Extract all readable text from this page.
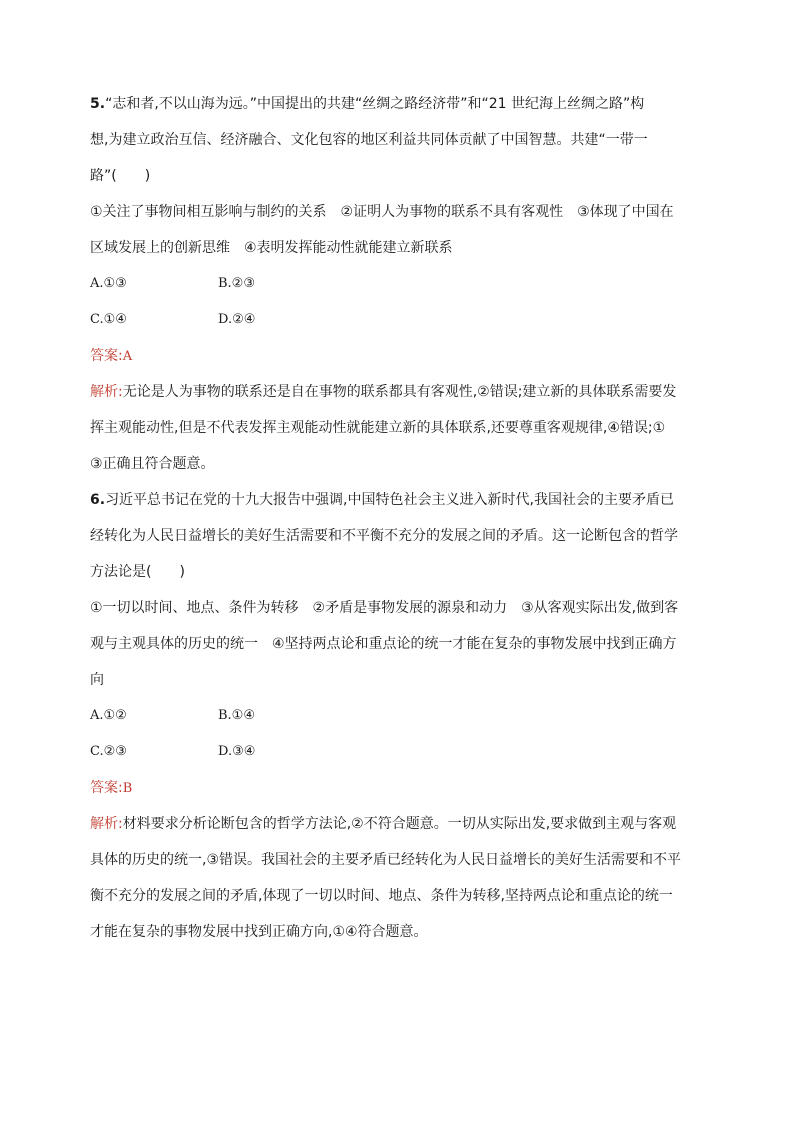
5.“志和者,不以山海为远。”中国提出的共建“丝绸之路经济带”和“21 世纪海上丝绸之路”构
想,为建立政治互信、经济融合、文化包容的地区利益共同体贡献了中国智慧。共建“一带一
路”(　　)
①关注了事物间相互影响与制约的关系　②证明人为事物的联系不具有客观性　③体现了中国在
区域发展上的创新思维　④表明发挥能动性就能建立新联系
A.①③	B.②③
C.①④	D.②④
答案:A
解析:无论是人为事物的联系还是自在事物的联系都具有客观性,②错误;建立新的具体联系需要发
挥主观能动性,但是不代表发挥主观能动性就能建立新的具体联系,还要尊重客观规律,④错误;①
③正确且符合题意。
6.习近平总书记在党的十九大报告中强调,中国特色社会主义进入新时代,我国社会的主要矛盾已
经转化为人民日益增长的美好生活需要和不平衡不充分的发展之间的矛盾。这一论断包含的哲学
方法论是(　　)
①一切以时间、地点、条件为转移　②矛盾是事物发展的源泉和动力　③从客观实际出发,做到客
观与主观具体的历史的统一　④坚持两点论和重点论的统一才能在复杂的事物发展中找到正确方
向
A.①②	B.①④
C.②③	D.③④
答案:B
解析:材料要求分析论断包含的哲学方法论,②不符合题意。一切从实际出发,要求做到主观与客观
具体的历史的统一,③错误。我国社会的主要矛盾已经转化为人民日益增长的美好生活需要和不平
衡不充分的发展之间的矛盾,体现了一切以时间、地点、条件为转移,坚持两点论和重点论的统一
才能在复杂的事物发展中找到正确方向,①④符合题意。
